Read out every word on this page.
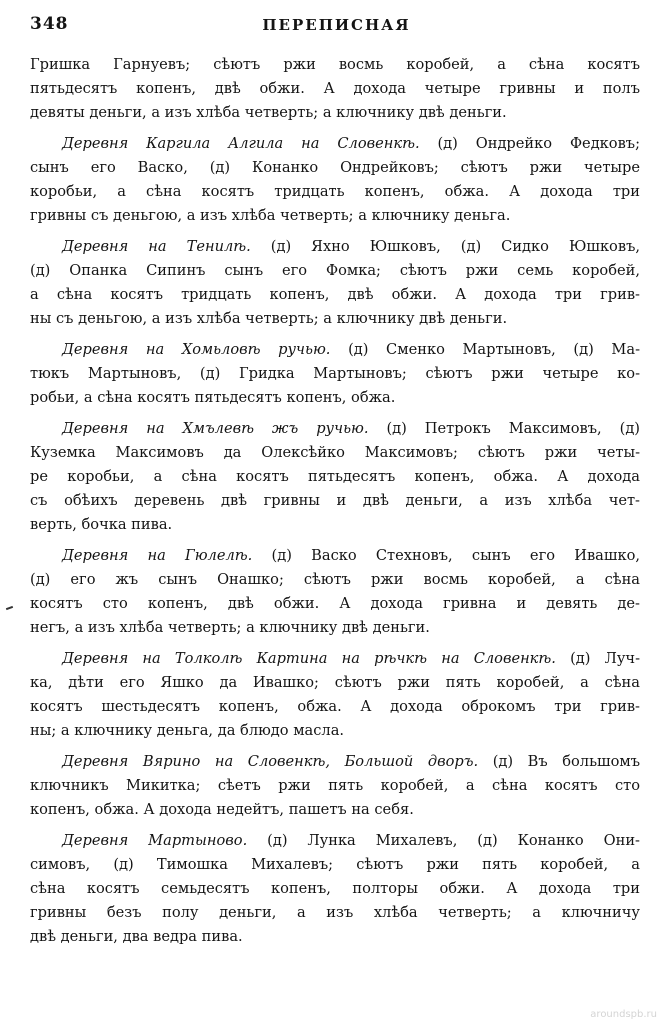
348	ПЕРЕПИСНАЯ
Гришка Гарнуевъ; сѣютъ ржи восмь коробей, а сѣна косятъ
пятьдесятъ копенъ, двѣ обжи. А дохода четыре гривны и полъ
девяты деньги, а изъ хлѣба четверть; а ключнику двѣ деньги.
Деревня Каргила Алгила на Словенкѣ. (д) Ондрейко Федковъ;
сынъ его Васко, (д) Конанко Ондрейковъ; сѣютъ ржи четыре
коробьи, а сѣна косятъ тридцать копенъ, обжа. А дохода три
гривны съ деньгою, а изъ хлѣба четверть; а ключнику деньга.
Деревня на Тенилѣ. (д) Яхно Юшковъ, (д) Сидко Юшковъ,
(д) Опанка Сипинъ сынъ его Фомка; сѣютъ ржи семь коробей,
а сѣна косятъ тридцать копенъ, двѣ обжи. А дохода три грив-
ны съ деньгою, а изъ хлѣба четверть; а ключнику двѣ деньги.
Деревня на Хомьловѣ ручью. (д) Сменко Мартыновъ, (д) Ма-
тюкъ Мартыновъ, (д) Гридка Мартыновъ; сѣютъ ржи четыре ко-
робьи, а сѣна косятъ пятьдесятъ копенъ, обжа.
Деревня на Хмълевѣ жъ ручью. (д) Петрокъ Максимовъ, (д)
Куземка Максимовъ да Олексѣйко Максимовъ; сѣютъ ржи четы-
ре коробьи, а сѣна косятъ пятьдесятъ копенъ, обжа. А дохода
съ обѣихъ деревень двѣ гривны и двѣ деньги, а изъ хлѣба чет-
верть, бочка пива.
Деревня на Гюлелѣ. (д) Васко Стехновъ, сынъ его Ивашко,
(д) его жъ сынъ Онашко; сѣютъ ржи восмь коробей, а сѣна
косятъ сто копенъ, двѣ обжи. А дохода гривна и девять де-
негъ, а изъ хлѣба четверть; а ключнику двѣ деньги.
Деревня на Толколѣ Картина на рѣчкѣ на Словенкѣ. (д) Луч-
ка, дѣти его Яшко да Ивашко; сѣютъ ржи пять коробей, а сѣна
косятъ шестьдесятъ копенъ, обжа. А дохода оброкомъ три грив-
ны; а ключнику деньга, да блюдо масла.
Деревня Вярино на Словенкѣ, Большой дворъ. (д) Въ большомъ
ключникъ Микитка; сѣетъ ржи пять коробей, а сѣна косятъ сто
копенъ, обжа. А дохода недейтъ, пашетъ на себя.
Деревня Мартыново. (д) Лунка Михалевъ, (д) Конанко Они-
симовъ, (д) Тимошка Михалевъ; сѣютъ ржи пять коробей, а
сѣна косятъ семьдесятъ копенъ, полторы обжи. А дохода три
гривны безъ полу деньги, а изъ хлѣба четверть; а ключничу
двѣ деньги, два ведра пива.
aroundspb.ru
